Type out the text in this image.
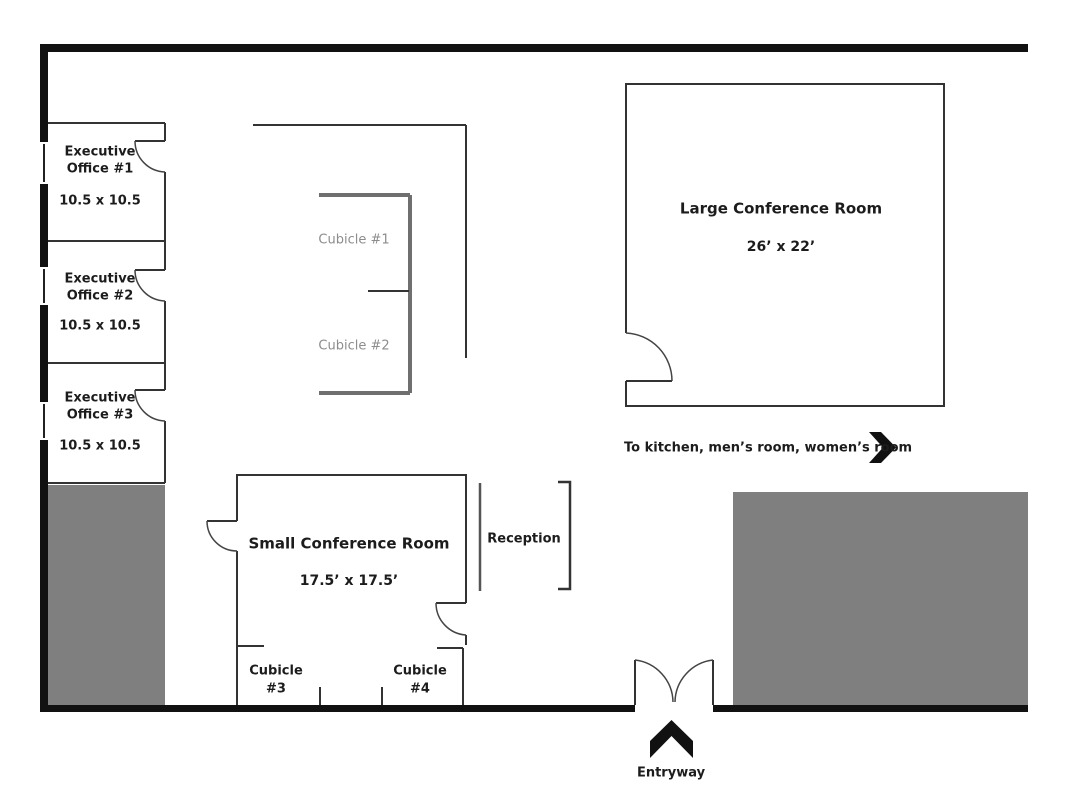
Executive
Office #1
10.5 x 10.5
Executive
Office #2
10.5 x 10.5
Executive
Office #3
10.5 x 10.5
Cubicle #1
Cubicle #2
Large Conference Room
26’ x 22’
To kitchen, men’s room, women’s room
Small Conference Room
17.5’ x 17.5’
Reception
Cubicle
#3
Cubicle
#4
Entryway
